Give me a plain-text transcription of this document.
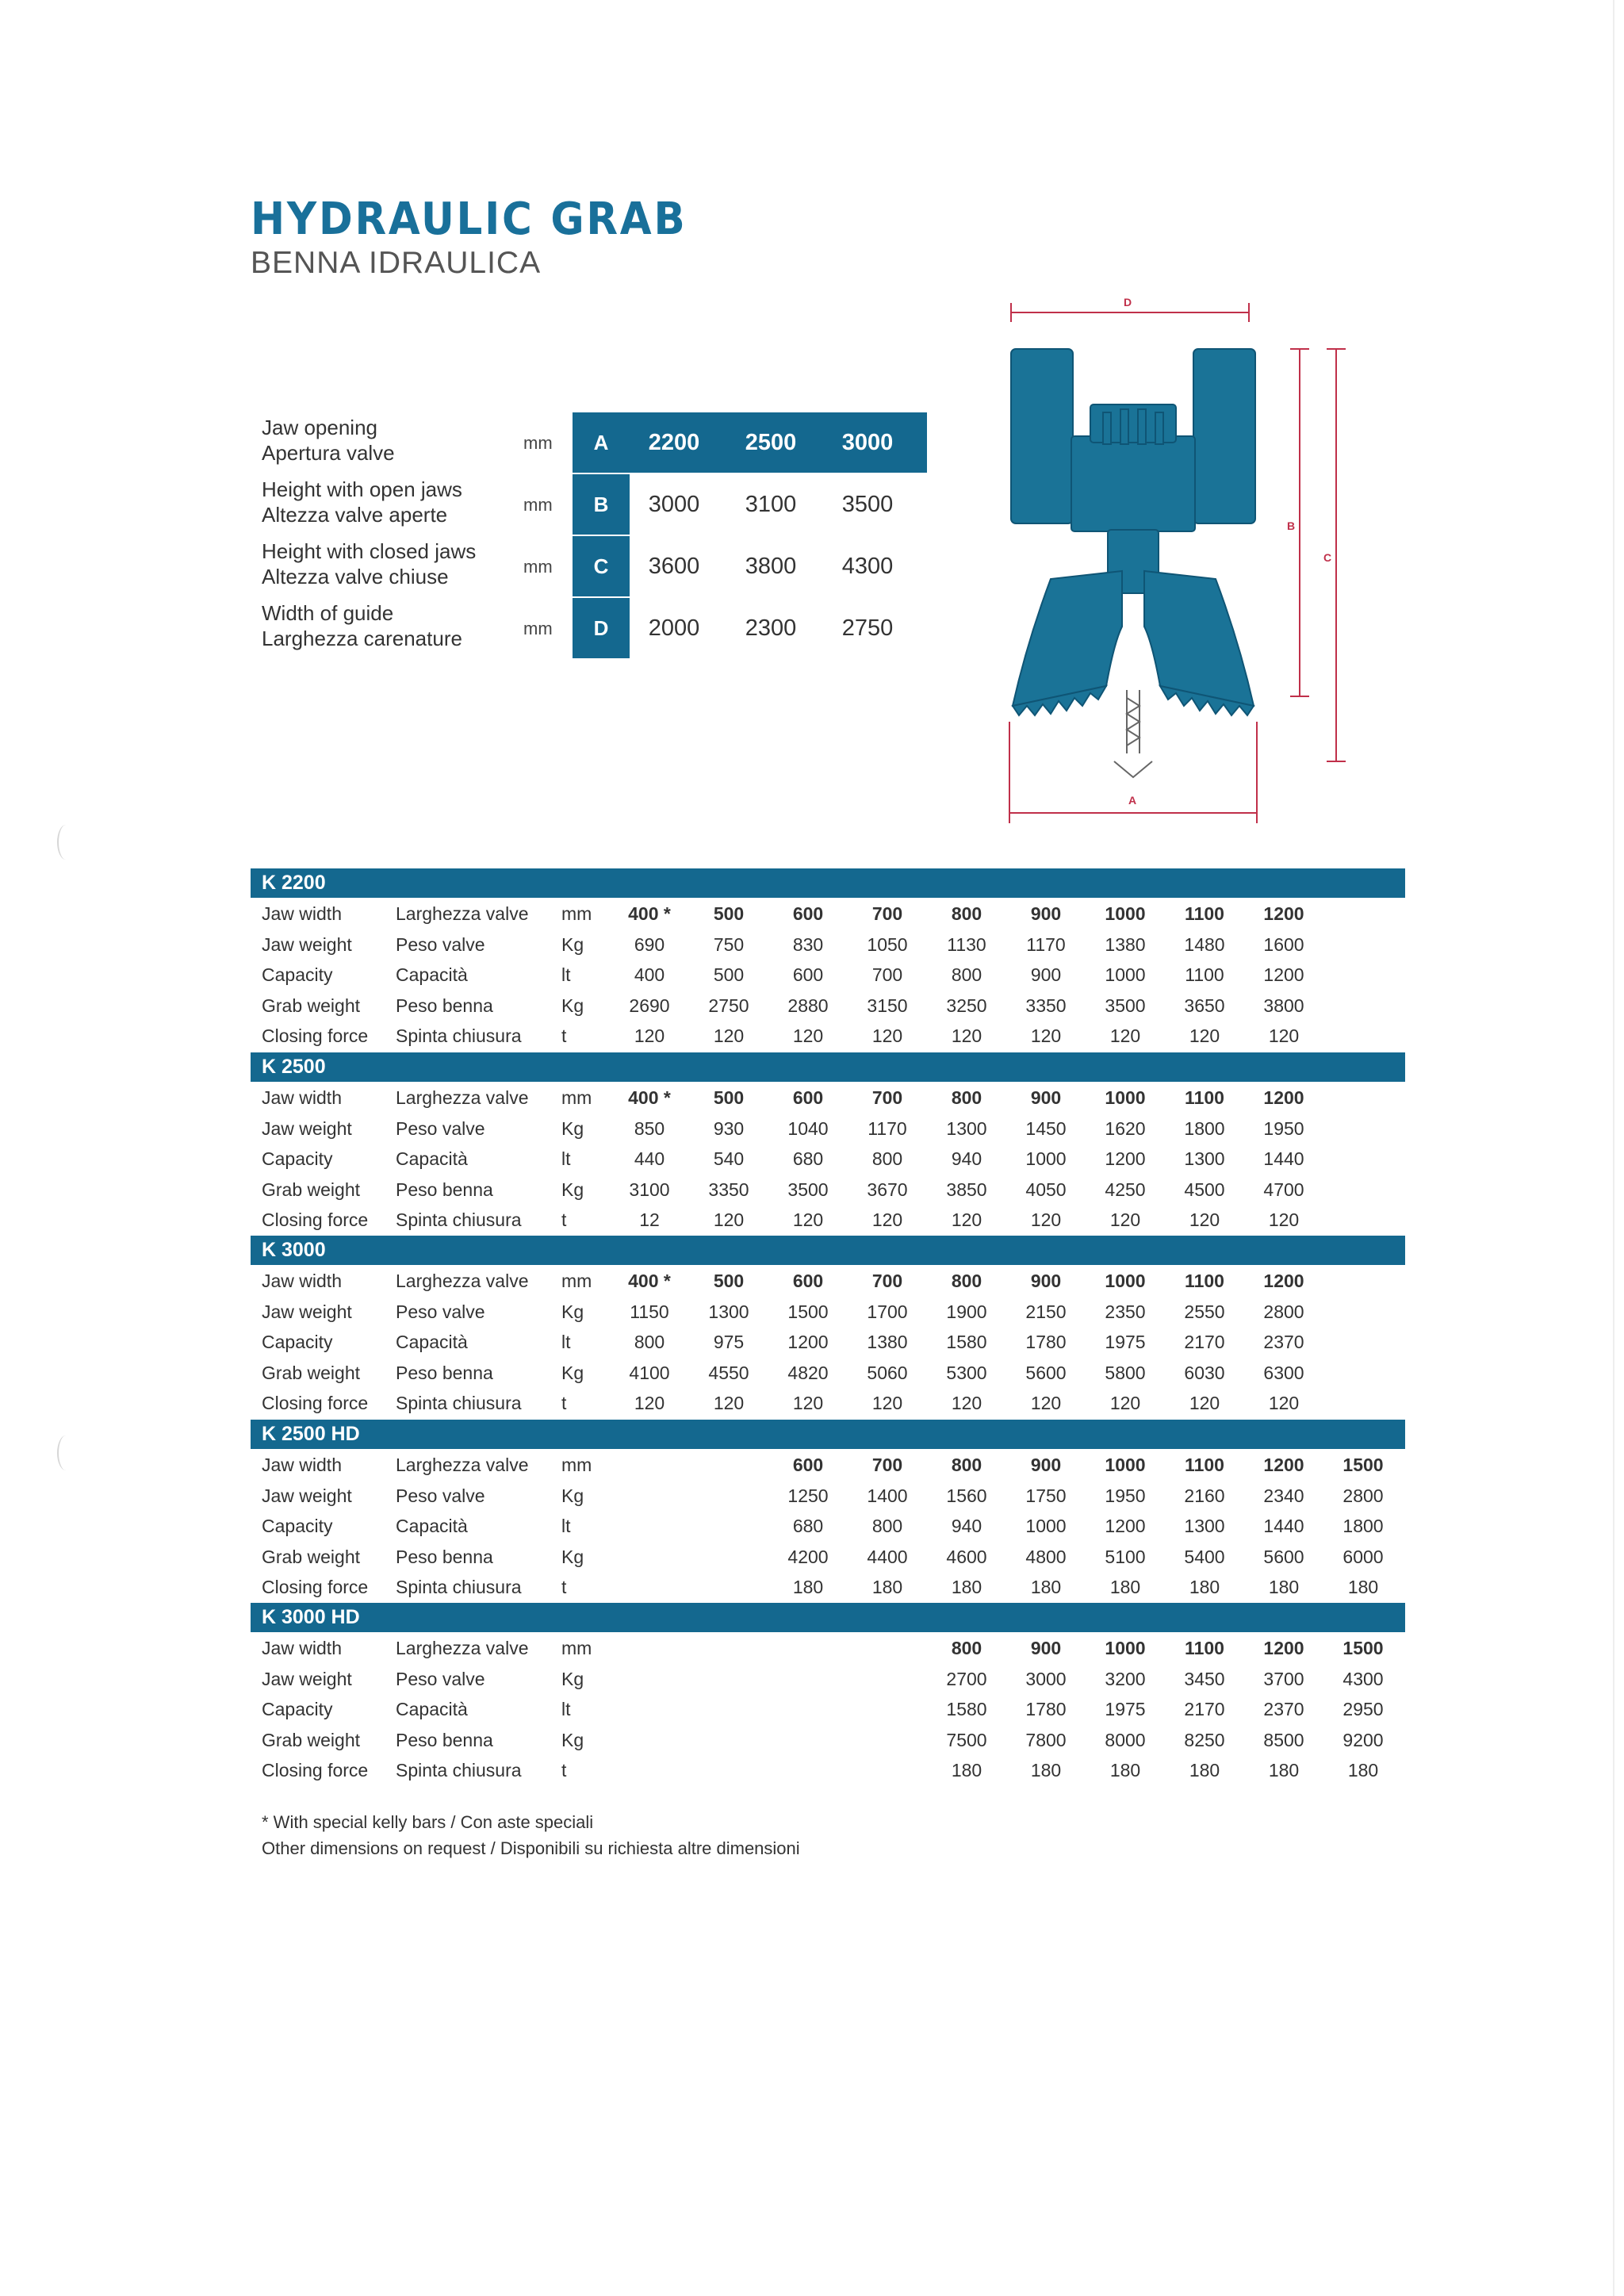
HYDRAULIC GRAB
BENNA IDRAULICA
Jaw opening
Apertura valve	mm	A	2200	2500	3000
Height with open jaws
Altezza valve aperte	mm	B	3000	3100	3500
Height with closed jaws
Altezza valve chiuse	mm	C	3600	3800	4300
Width of guide
Larghezza carenature	mm	D	2000	2300	2750
D
B
C
A
K 2200
Jaw width	Larghezza valve mm	400 *	500	600	700	800	900	1000	1100	1200
Jaw weight Peso valve	Kg	690	750	830	1050	1130	1170	1380	1480	1600
Capacity	Capacità	lt	400	500	600	700	800	900	1000	1100	1200
Grab weight Peso benna	Kg	2690	2750	2880	3150	3250	3350	3500	3650	3800
Closing force Spinta chiusura t	120	120	120	120	120	120	120	120	120
K 2500
Jaw width	Larghezza valve mm	400 *	500	600	700	800	900	1000	1100	1200
Jaw weight Peso valve	Kg	850	930	1040	1170	1300	1450	1620	1800	1950
Capacity	Capacità	lt	440	540	680	800	940	1000	1200	1300	1440
Grab weight Peso benna	Kg	3100	3350	3500	3670	3850	4050	4250	4500	4700
Closing force Spinta chiusura t	12	120	120	120	120	120	120	120	120
K 3000
Jaw width	Larghezza valve mm	400 *	500	600	700	800	900	1000	1100	1200
Jaw weight Peso valve	Kg	1150	1300	1500	1700	1900	2150	2350	2550	2800
Capacity	Capacità	lt	800	975	1200	1380	1580	1780	1975	2170	2370
Grab weight Peso benna	Kg	4100	4550	4820	5060	5300	5600	5800	6030	6300
Closing force Spinta chiusura t	120	120	120	120	120	120	120	120	120
K 2500 HD
Jaw width	Larghezza valve mm	600	700	800	900	1000	1100	1200	1500
Jaw weight Peso valve	Kg	1250	1400	1560	1750	1950	2160	2340	2800
Capacity	Capacità	lt	680	800	940	1000	1200	1300	1440	1800
Grab weight Peso benna	Kg	4200	4400	4600	4800	5100	5400	5600	6000
Closing force Spinta chiusura t	180	180	180	180	180	180	180	180
K 3000 HD
Jaw width	Larghezza valve mm	800	900	1000	1100	1200	1500
Jaw weight Peso valve	Kg	2700	3000	3200	3450	3700	4300
Capacity	Capacità	lt	1580	1780	1975	2170	2370	2950
Grab weight Peso benna	Kg	7500	7800	8000	8250	8500	9200
Closing force Spinta chiusura t	180	180	180	180	180	180
* With special kelly bars / Con aste speciali
Other dimensions on request / Disponibili su richiesta altre dimensioni
